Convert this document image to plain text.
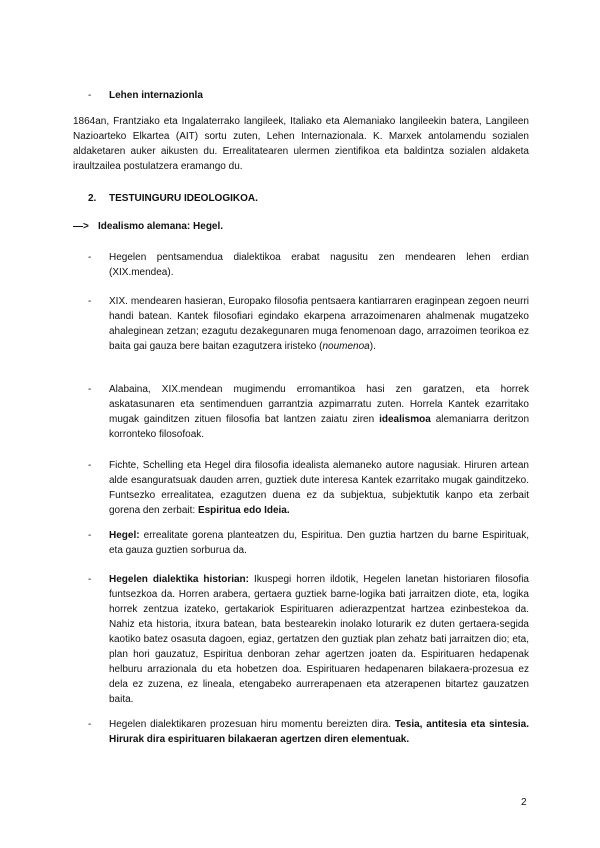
- Lehen internazionla

1864an, Frantziako eta Ingalaterrako langileek, Italiako eta Alemaniako langileekin batera, Langileen Nazioarteko Elkartea (AIT) sortu zuten, Lehen Internazionala. K. Marxek antolamendu sozialen aldaketaren auker aikusten du. Errealitatearen ulermen zientifikoa eta baldintza sozialen aldaketa iraultzailea postulatzera eramango du.

2. TESTUINGURU IDEOLOGIKOA.
—> Idealismo alemana: Hegel.
- Hegelen pentsamendua dialektikoa erabat nagusitu zen mendearen lehen erdian (XIX.mendea).

- XIX. mendearen hasieran, Europako filosofia pentsaera kantiarraren eraginpean zegoen neurri handi batean. Kantek filosofiari egindako ekarpena arrazoimenaren ahalmenak mugatzeko ahaleginean zetzan; ezagutu dezakegunaren muga fenomenoan dago, arrazoimen teorikoa ez baita gai gauza bere baitan ezagutzera iristeko (noumenoa).

- Alabaina, XIX.mendean mugimendu erromantikoa hasi zen garatzen, eta horrek askatasunaren eta sentimenduen garrantzia azpimarratu zuten. Horrela Kantek ezarritako mugak gainditzen zituen filosofia bat lantzen zaiatu ziren idealismoa alemaniarra deritzon korronteko filosofoak.

- Fichte, Schelling eta Hegel dira filosofia idealista alemaneko autore nagusiak. Hiruren artean alde esanguratsuak dauden arren, guztiek dute interesa Kantek ezarritako mugak gainditzeko. Funtsezko errealitatea, ezagutzen duena ez da subjektua, subjektutik kanpo eta zerbait gorena den zerbait: Espiritua edo Ideia.

- Hegel: errealitate gorena planteatzen du, Espiritua. Den guztia hartzen du barne Espirituak, eta gauza guztien sorburua da.

- Hegelen dialektika historian: Ikuspegi horren ildotik, Hegelen lanetan historiaren filosofia funtsezkoa da. Horren arabera, gertaera guztiek barne-logika bati jarraitzen diote, eta, logika horrek zentzua izateko, gertakariok Espirituaren adierazpentzat hartzea ezinbestekoa da. Nahiz eta historia, itxura batean, bata bestearekin inolako loturarik ez duten gertaera-segida kaotiko batez osasuta dagoen, egiaz, gertatzen den guztiak plan zehatz bati jarraitzen dio; eta, plan hori gauzatuz, Espiritua denboran zehar agertzen joaten da. Espirituaren hedapenak helburu arrazionala du eta hobetzen doa. Espirituaren hedapenaren bilakaera-prozesua ez dela ez zuzena, ez lineala, etengabeko aurrerapenaen eta atzerapenen bitartez gauzatzen baita.

- Hegelen dialektikaren prozesuan hiru momentu bereizten dira. Tesia, antitesia eta sintesia. Hirurak dira espirituaren bilakaeran agertzen diren elementuak.

2
